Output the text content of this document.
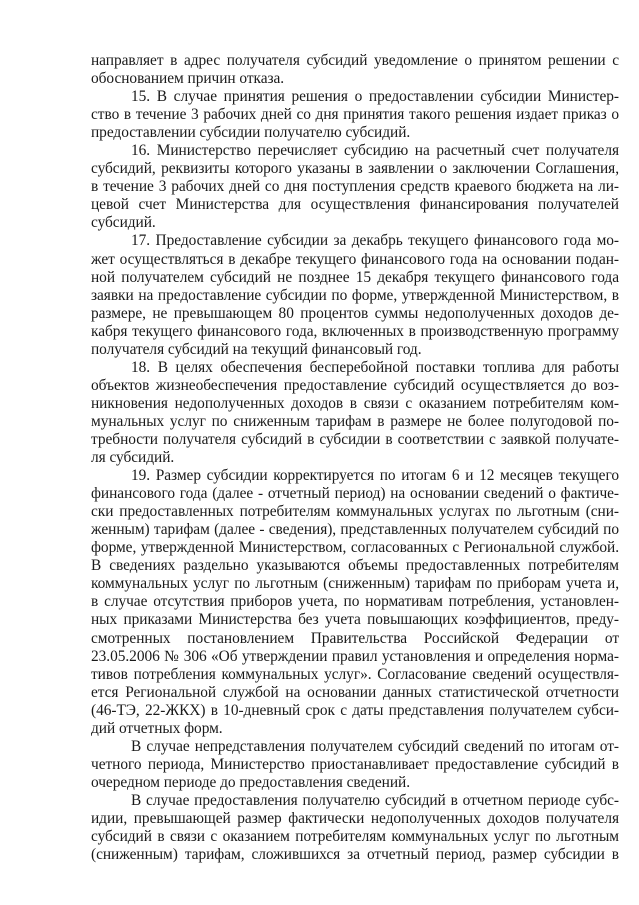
направляет в адрес получателя субсидий уведомление о принятом решении с
обоснованием причин отказа.
15. В случае принятия решения о предоставлении субсидии Министер-
ство в течение 3 рабочих дней со дня принятия такого решения издает приказ о
предоставлении субсидии получателю субсидий.
16. Министерство перечисляет субсидию на расчетный счет получателя
субсидий, реквизиты которого указаны в заявлении о заключении Соглашения,
в течение 3 рабочих дней со дня поступления средств краевого бюджета на ли-
цевой счет Министерства для осуществления финансирования получателей
субсидий.
17. Предоставление субсидии за декабрь текущего финансового года мо-
жет осуществляться в декабре текущего финансового года на основании подан-
ной получателем субсидий не позднее 15 декабря текущего финансового года
заявки на предоставление субсидии по форме, утвержденной Министерством, в
размере, не превышающем 80 процентов суммы недополученных доходов де-
кабря текущего финансового года, включенных в производственную программу
получателя субсидий на текущий финансовый год.
18. В целях обеспечения бесперебойной поставки топлива для работы
объектов жизнеобеспечения предоставление субсидий осуществляется до воз-
никновения недополученных доходов в связи с оказанием потребителям ком-
мунальных услуг по сниженным тарифам в размере не более полугодовой по-
требности получателя субсидий в субсидии в соответствии с заявкой получате-
ля субсидий.
19. Размер субсидии корректируется по итогам 6 и 12 месяцев текущего
финансового года (далее - отчетный период) на основании сведений о фактиче-
ски предоставленных потребителям коммунальных услугах по льготным (сни-
женным) тарифам (далее - сведения), представленных получателем субсидий по
форме, утвержденной Министерством, согласованных с Региональной службой.
В сведениях раздельно указываются объемы предоставленных потребителям
коммунальных услуг по льготным (сниженным) тарифам по приборам учета и,
в случае отсутствия приборов учета, по нормативам потребления, установлен-
ных приказами Министерства без учета повышающих коэффициентов, преду-
смотренных постановлением Правительства Российской Федерации от
23.05.2006 № 306 «Об утверждении правил установления и определения норма-
тивов потребления коммунальных услуг». Согласование сведений осуществля-
ется Региональной службой на основании данных статистической отчетности
(46-ТЭ, 22-ЖКХ) в 10-дневный срок с даты представления получателем субси-
дий отчетных форм.
В случае непредставления получателем субсидий сведений по итогам от-
четного периода, Министерство приостанавливает предоставление субсидий в
очередном периоде до предоставления сведений.
В случае предоставления получателю субсидий в отчетном периоде субс-
идии, превышающей размер фактически недополученных доходов получателя
субсидий в связи с оказанием потребителям коммунальных услуг по льготным
(сниженным) тарифам, сложившихся за отчетный период, размер субсидии в
